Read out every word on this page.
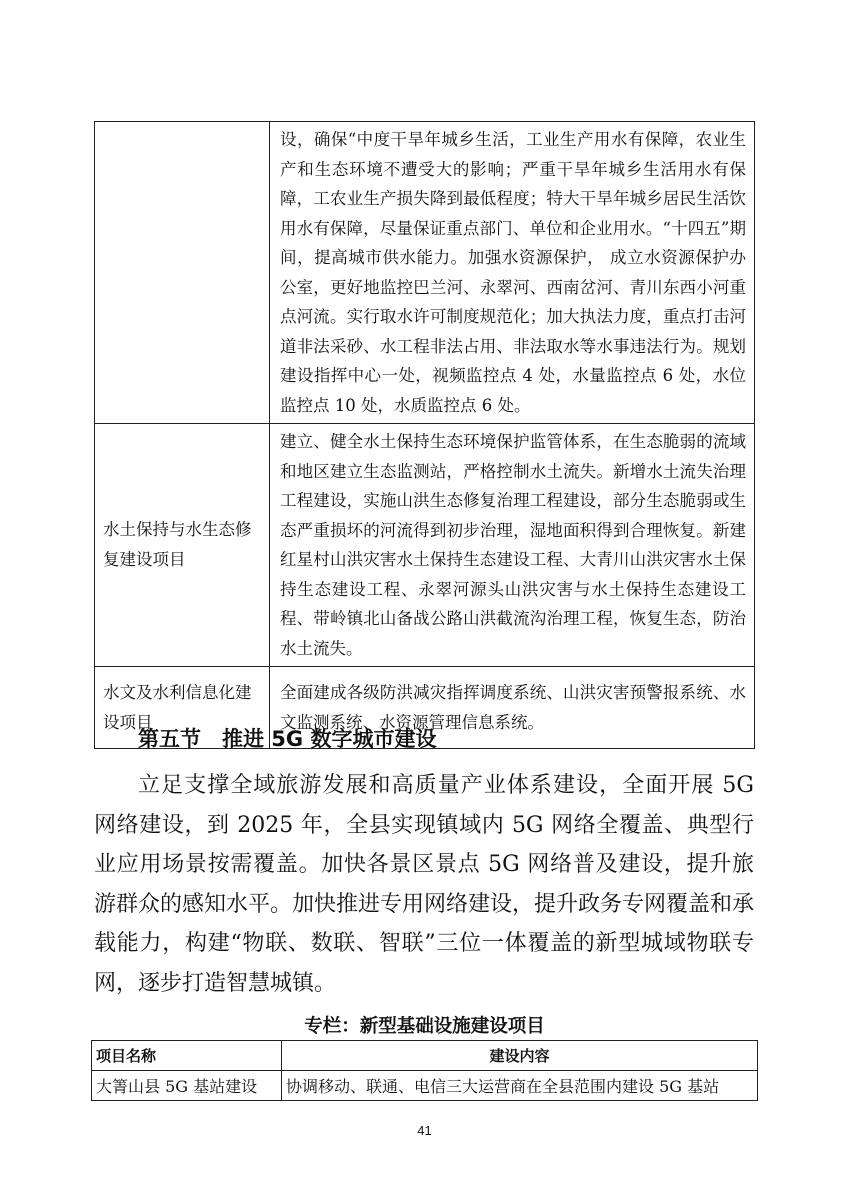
	设，确保“中度干旱年城乡生活，工业生产用水有保障，农业生产和生态环境不遭受大的影响；严重干旱年城乡生活用水有保障，工农业生产损失降到最低程度；特大干旱年城乡居民生活饮用水有保障，尽量保证重点部门、单位和企业用水。“十四五”期间，提高城市供水能力。加强水资源保护， 成立水资源保护办公室，更好地监控巴兰河、永翠河、西南岔河、青川东西小河重点河流。实行取水许可制度规范化；加大执法力度，重点打击河道非法采砂、水工程非法占用、非法取水等水事违法行为。规划建设指挥中心一处，视频监控点 4 处，水量监控点 6 处，水位监控点 10 处，水质监控点 6 处。
水土保持与水生态修复建设项目	建立、健全水土保持生态环境保护监管体系，在生态脆弱的流域和地区建立生态监测站，严格控制水土流失。新增水土流失治理工程建设，实施山洪生态修复治理工程建设，部分生态脆弱或生态严重损坏的河流得到初步治理，湿地面积得到合理恢复。新建红星村山洪灾害水土保持生态建设工程、大青川山洪灾害水土保持生态建设工程、永翠河源头山洪灾害与水土保持生态建设工程、带岭镇北山备战公路山洪截流沟治理工程，恢复生态，防治水土流失。
水文及水利信息化建设项目	全面建成各级防洪减灾指挥调度系统、山洪灾害预警报系统、水文监测系统、水资源管理信息系统。
第五节　推进 5G 数字城市建设
立足支撑全域旅游发展和高质量产业体系建设，全面开展 5G 网络建设，到 2025 年，全县实现镇域内 5G 网络全覆盖、典型行业应用场景按需覆盖。加快各景区景点 5G 网络普及建设，提升旅游群众的感知水平。加快推进专用网络建设，提升政务专网覆盖和承载能力，构建“物联、数联、智联”三位一体覆盖的新型城域物联专网，逐步打造智慧城镇。
专栏：新型基础设施建设项目
项目名称	建设内容
大箐山县 5G 基站建设	协调移动、联通、电信三大运营商在全县范围内建设 5G 基站
41
